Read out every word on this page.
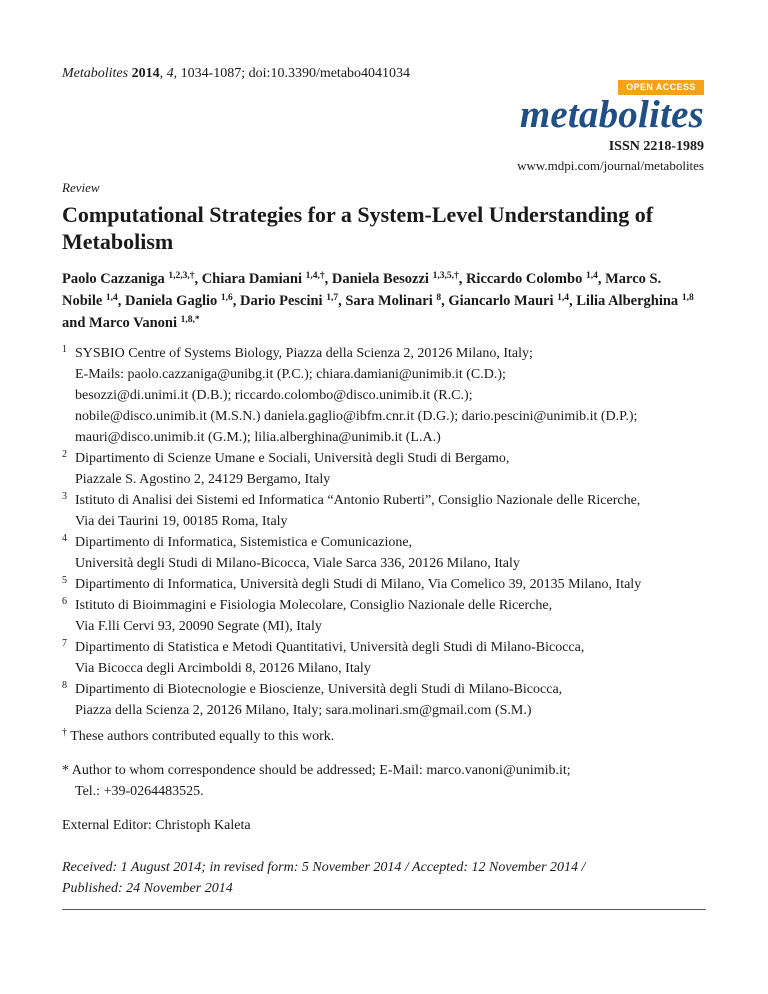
Metabolites 2014, 4, 1034-1087; doi:10.3390/metabo4041034
OPEN ACCESS
metabolites
ISSN 2218-1989
www.mdpi.com/journal/metabolites
Review
Computational Strategies for a System-Level Understanding of Metabolism
Paolo Cazzaniga $^{1,2,3,\dagger}$, Chiara Damiani $^{1,4,\dagger}$, Daniela Besozzi $^{1,3,5,\dagger}$, Riccardo Colombo $^{1,4}$, Marco S. Nobile $^{1,4}$, Daniela Gaglio $^{1,6}$, Dario Pescini $^{1,7}$, Sara Molinari $^8$, Giancarlo Mauri $^{1,4}$, Lilia Alberghina $^{1,8}$ and Marco Vanoni $^{1,8,*}$
1 SYSBIO Centre of Systems Biology, Piazza della Scienza 2, 20126 Milano, Italy;
E-Mails: paolo.cazzaniga@unibg.it (P.C.); chiara.damiani@unimib.it (C.D.);
besozzi@di.unimi.it (D.B.); riccardo.colombo@disco.unimib.it (R.C.);
nobile@disco.unimib.it (M.S.N.) daniela.gaglio@ibfm.cnr.it (D.G.); dario.pescini@unimib.it (D.P.);
mauri@disco.unimib.it (G.M.); lilia.alberghina@unimib.it (L.A.)
2 Dipartimento di Scienze Umane e Sociali, Università degli Studi di Bergamo,
Piazzale S. Agostino 2, 24129 Bergamo, Italy
3 Istituto di Analisi dei Sistemi ed Informatica “Antonio Ruberti”, Consiglio Nazionale delle Ricerche,
Via dei Taurini 19, 00185 Roma, Italy
4 Dipartimento di Informatica, Sistemistica e Comunicazione,
Università degli Studi di Milano-Bicocca, Viale Sarca 336, 20126 Milano, Italy
5 Dipartimento di Informatica, Università degli Studi di Milano, Via Comelico 39, 20135 Milano, Italy
6 Istituto di Bioimmagini e Fisiologia Molecolare, Consiglio Nazionale delle Ricerche,
Via F.lli Cervi 93, 20090 Segrate (MI), Italy
7 Dipartimento di Statistica e Metodi Quantitativi, Università degli Studi di Milano-Bicocca,
Via Bicocca degli Arcimboldi 8, 20126 Milano, Italy
8 Dipartimento di Biotecnologie e Bioscienze, Università degli Studi di Milano-Bicocca,
Piazza della Scienza 2, 20126 Milano, Italy; sara.molinari.sm@gmail.com (S.M.)
† These authors contributed equally to this work.
* Author to whom correspondence should be addressed; E-Mail: marco.vanoni@unimib.it;
Tel.: +39-0264483525.
External Editor: Christoph Kaleta
Received: 1 August 2014; in revised form: 5 November 2014 / Accepted: 12 November 2014 /
Published: 24 November 2014
